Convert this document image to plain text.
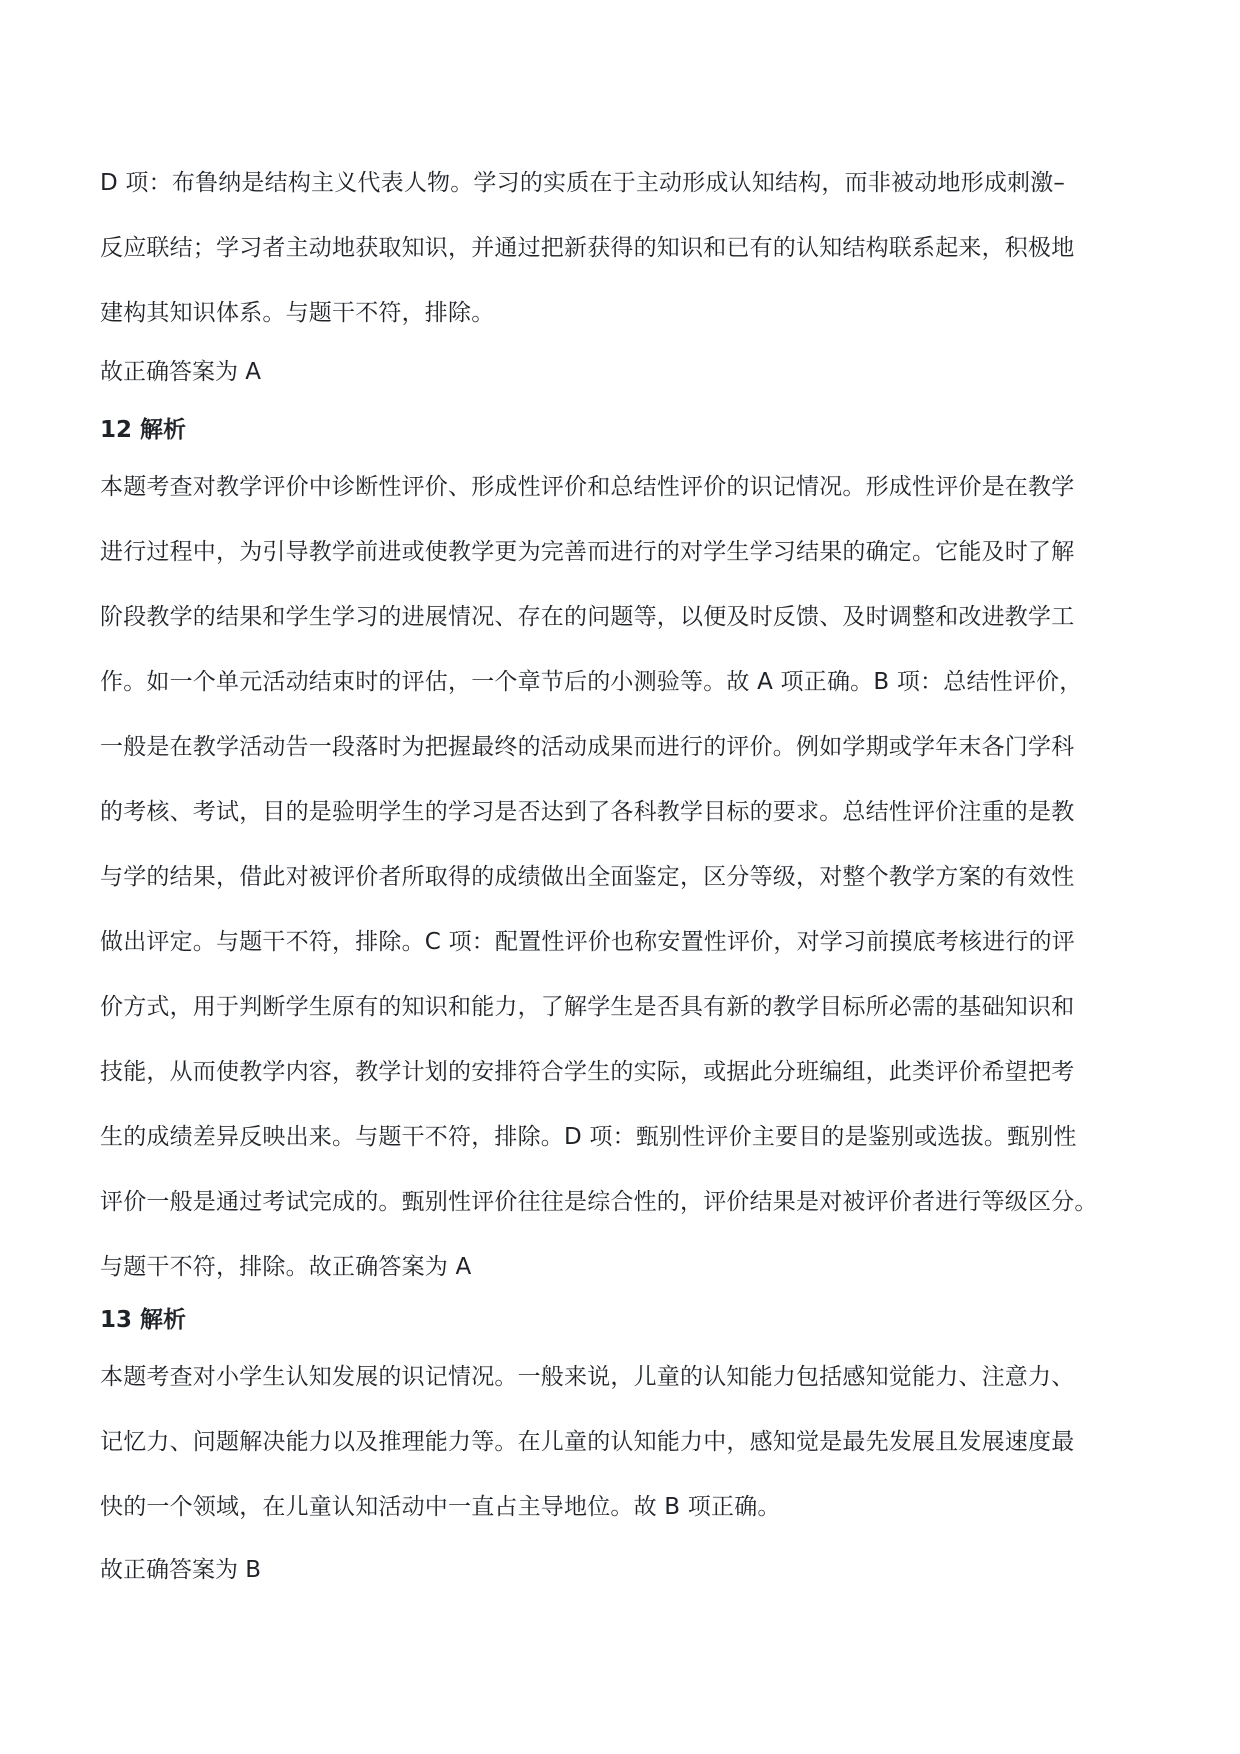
D 项：布鲁纳是结构主义代表人物。学习的实质在于主动形成认知结构，而非被动地形成刺激–
反应联结；学习者主动地获取知识，并通过把新获得的知识和已有的认知结构联系起来，积极地
建构其知识体系。与题干不符，排除。
故正确答案为 A
12 解析
本题考查对教学评价中诊断性评价、形成性评价和总结性评价的识记情况。形成性评价是在教学
进行过程中，为引导教学前进或使教学更为完善而进行的对学生学习结果的确定。它能及时了解
阶段教学的结果和学生学习的进展情况、存在的问题等，以便及时反馈、及时调整和改进教学工
作。如一个单元活动结束时的评估，一个章节后的小测验等。故 A 项正确。B 项：总结性评价，
一般是在教学活动告一段落时为把握最终的活动成果而进行的评价。例如学期或学年末各门学科
的考核、考试，目的是验明学生的学习是否达到了各科教学目标的要求。总结性评价注重的是教
与学的结果，借此对被评价者所取得的成绩做出全面鉴定，区分等级，对整个教学方案的有效性
做出评定。与题干不符，排除。C 项：配置性评价也称安置性评价，对学习前摸底考核进行的评
价方式，用于判断学生原有的知识和能力，了解学生是否具有新的教学目标所必需的基础知识和
技能，从而使教学内容，教学计划的安排符合学生的实际，或据此分班编组，此类评价希望把考
生的成绩差异反映出来。与题干不符，排除。D 项：甄别性评价主要目的是鉴别或选拔。甄别性
评价一般是通过考试完成的。甄别性评价往往是综合性的，评价结果是对被评价者进行等级区分。
与题干不符，排除。故正确答案为 A
13 解析
本题考查对小学生认知发展的识记情况。一般来说，儿童的认知能力包括感知觉能力、注意力、
记忆力、问题解决能力以及推理能力等。在儿童的认知能力中，感知觉是最先发展且发展速度最
快的一个领域，在儿童认知活动中一直占主导地位。故 B 项正确。
故正确答案为 B
